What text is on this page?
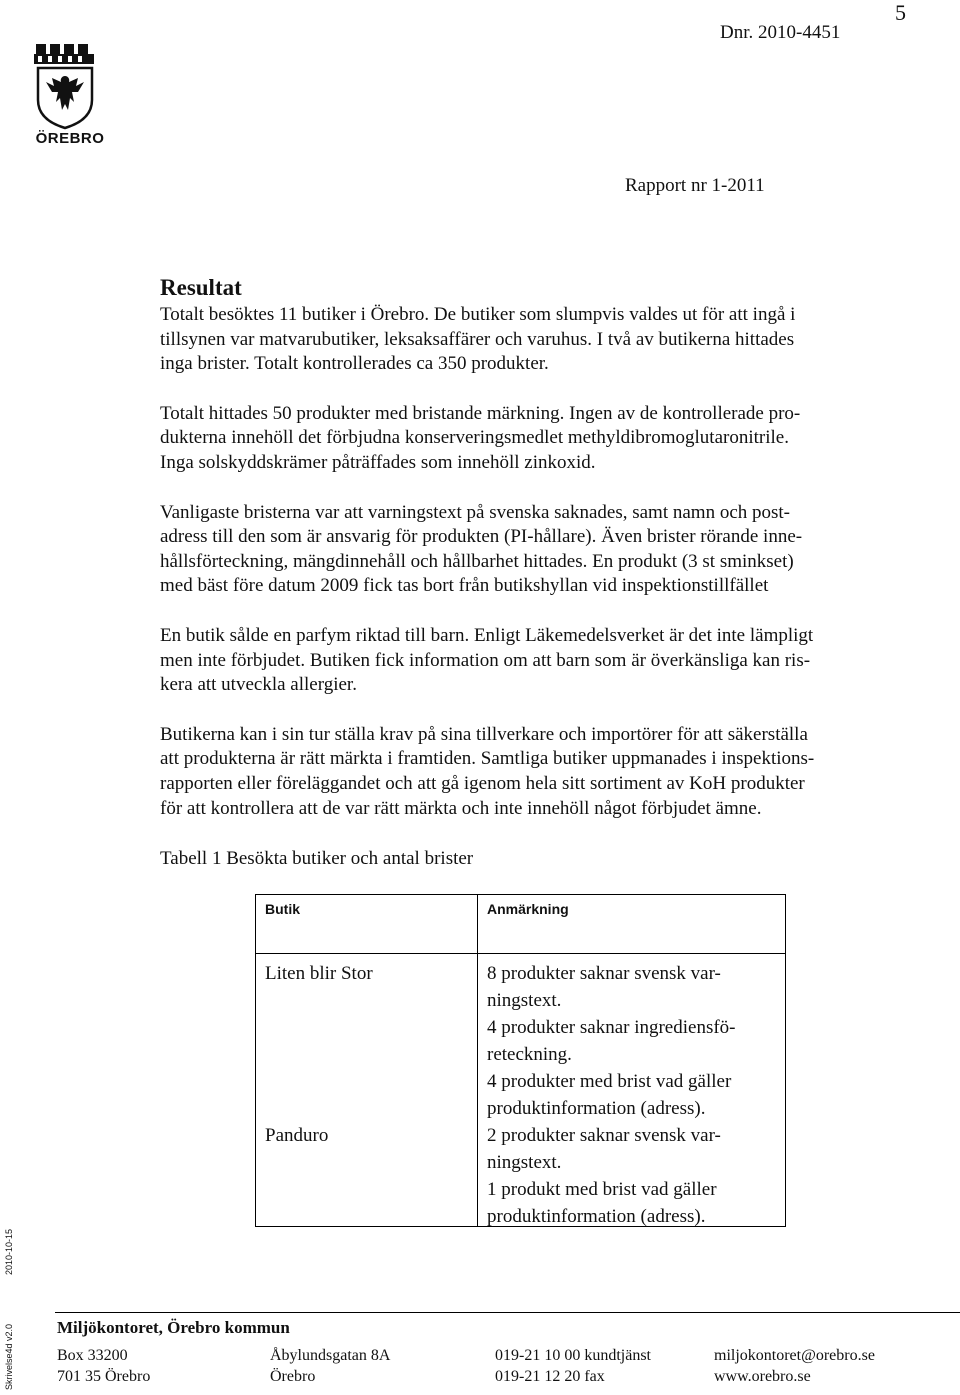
5
Dnr. 2010-4451
Rapport nr 1-2011
ÖREBRO

Resultat

Totalt besöktes 11 butiker i Örebro. De butiker som slumpvis valdes ut för att ingå i
tillsynen var matvarubutiker, leksaksaffärer och varuhus. I två av butikerna hittades
inga brister. Totalt kontrollerades ca 350 produkter.

Totalt hittades 50 produkter med bristande märkning. Ingen av de kontrollerade pro-
dukterna innehöll det förbjudna konserveringsmedlet methyldibromoglutaronitrile.
Inga solskyddskrämer påträffades som innehöll zinkoxid.

Vanligaste bristerna var att varningstext på svenska saknades, samt namn och post-
adress till den som är ansvarig för produkten (PI-hållare). Även brister rörande inne-
hållsförteckning, mängdinnehåll och hållbarhet hittades. En produkt (3 st sminkset)
med bäst före datum 2009 fick tas bort från butikshyllan vid inspektionstillfället

En butik sålde en parfym riktad till barn. Enligt Läkemedelsverket är det inte lämpligt
men inte förbjudet. Butiken fick information om att barn som är överkänsliga kan ris-
kera att utveckla allergier.

Butikerna kan i sin tur ställa krav på sina tillverkare och importörer för att säkerställa
att produkterna är rätt märkta i framtiden. Samtliga butiker uppmanades i inspektions-
rapporten eller föreläggandet och att gå igenom hela sitt sortiment av KoH produkter
för att kontrollera att de var rätt märkta och inte innehöll något förbjudet ämne.

Tabell 1 Besökta butiker och antal brister
Butik	Anmärkning
Liten blir Stor	8 produkter saknar svensk var-
ningstext.
4 produkter saknar ingrediensfö-
reteckning.
4 produkter med brist vad gäller
produktinformation (adress).
Panduro	2 produkter saknar svensk var-
ningstext.
1 produkt med brist vad gäller
produktinformation (adress).
2010-10-15
Skrivelse4d v2.0	Miljökontoret, Örebro kommun
Box 33200
701 35 Örebro
Åbylundsgatan 8A
Örebro
019-21 10 00 kundtjänst
019-21 12 20 fax
miljokontoret@orebro.se
www.orebro.se
